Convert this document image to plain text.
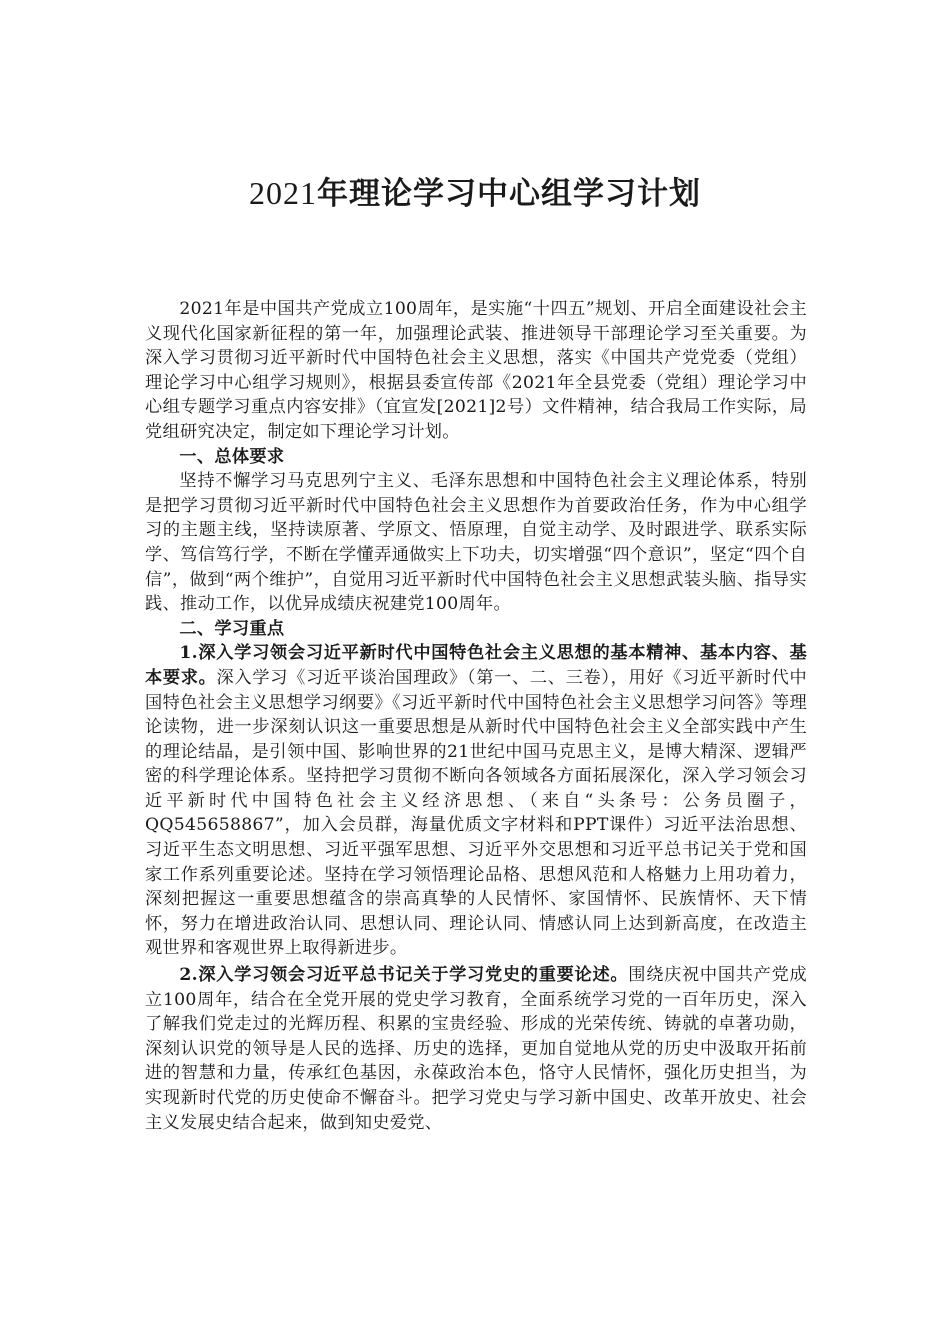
2021年理论学习中心组学习计划

2021年是中国共产党成立100周年，是实施“十四五”规划、开启全面建设社会主义现代化国家新征程的第一年，加强理论武装、推进领导干部理论学习至关重要。为深入学习贯彻习近平新时代中国特色社会主义思想，落实《中国共产党党委（党组）理论学习中心组学习规则》，根据县委宣传部《2021年全县党委（党组）理论学习中心组专题学习重点内容安排》（宜宣发[2021]2号）文件精神，结合我局工作实际，局党组研究决定，制定如下理论学习计划。

一、总体要求

坚持不懈学习马克思列宁主义、毛泽东思想和中国特色社会主义理论体系，特别是把学习贯彻习近平新时代中国特色社会主义思想作为首要政治任务，作为中心组学习的主题主线，坚持读原著、学原文、悟原理，自觉主动学、及时跟进学、联系实际学、笃信笃行学，不断在学懂弄通做实上下功夫，切实增强“四个意识”，坚定“四个自信”，做到“两个维护”，自觉用习近平新时代中国特色社会主义思想武装头脑、指导实践、推动工作，以优异成绩庆祝建党100周年。

二、学习重点

1.深入学习领会习近平新时代中国特色社会主义思想的基本精神、基本内容、基本要求。深入学习《习近平谈治国理政》（第一、二、三卷），用好《习近平新时代中国特色社会主义思想学习纲要》《习近平新时代中国特色社会主义思想学习问答》等理论读物，进一步深刻认识这一重要思想是从新时代中国特色社会主义全部实践中产生的理论结晶，是引领中国、影响世界的21世纪中国马克思主义，是博大精深、逻辑严密的科学理论体系。坚持把学习贯彻不断向各领域各方面拓展深化，深入学习领会习近平新时代中国特色社会主义经济思想、（来自“头条号：公务员圈子，QQ545658867”，加入会员群，海量优质文字材料和PPT课件）习近平法治思想、习近平生态文明思想、习近平强军思想、习近平外交思想和习近平总书记关于党和国家工作系列重要论述。坚持在学习领悟理论品格、思想风范和人格魅力上用功着力，深刻把握这一重要思想蕴含的崇高真挚的人民情怀、家国情怀、民族情怀、天下情怀，努力在增进政治认同、思想认同、理论认同、情感认同上达到新高度，在改造主观世界和客观世界上取得新进步。

2.深入学习领会习近平总书记关于学习党史的重要论述。围绕庆祝中国共产党成立100周年，结合在全党开展的党史学习教育，全面系统学习党的一百年历史，深入了解我们党走过的光辉历程、积累的宝贵经验、形成的光荣传统、铸就的卓著功勋，深刻认识党的领导是人民的选择、历史的选择，更加自觉地从党的历史中汲取开拓前进的智慧和力量，传承红色基因，永葆政治本色，恪守人民情怀，强化历史担当，为实现新时代党的历史使命不懈奋斗。把学习党史与学习新中国史、改革开放史、社会主义发展史结合起来，做到知史爱党、
